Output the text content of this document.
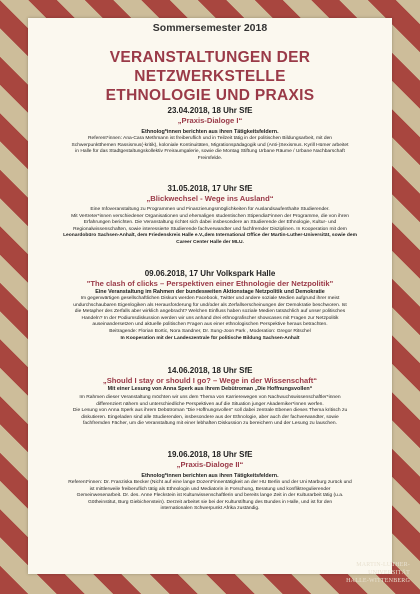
Sommersemester 2018
VERANSTALTUNGEN DER
NETZWERKSTELLE
ETHNOLOGIE UND PRAXIS
23.04.2018, 18 Uhr SfE
„Praxis-Dialoge I“
Ethnolog*innen berichten aus ihren Tätigkeitsfeldern.

Referent*innen: Ana-Cara Methmann ist freiberuflich und in Teilzeit tätig in der politischen Bildungsarbeit, mit den

Schwerpunktthemen Rassismus(-kritik), koloniale Kontinuitäten, Migrationspädagogik und (Anti-)Sexismus. Kyrill Hümer arbeitet

in Halle für das Stadtgestaltungskollektiv Freiraumgalerie, sowie die Montag Stiftung Urbane Räume / Urbane Nachbarschaft

Freimfelde.

31.05.2018, 17 Uhr SfE
„Blickwechsel - Wege ins Ausland“

Eine Infoveranstaltung zu Programmen und Finanzierungsmöglichkeiten für Auslandsaufenthalte Studierender.

Mit Vertreter*innen verschiedener Organisationen und ehemaligen studentischen Stipendiat*innen der Programme, die von ihren

Erfahrungen berichten. Die Veranstaltung richtet sich dabei insbesondere an Studierende der Ethnologie, Kultur- und

Regionalwissenschaften, sowie interessierte Studierende fachverwandter und fachfremder Disziplinen. In Kooperation mit dem

Leonardobüro Sachsen-Anhalt, dem Friedenskreis Halle e.V.,dem International Office der Martin-Luther-Universität, sowie dem

Career Center Halle der MLU.

09.06.2018, 17 Uhr Volkspark Halle
"The clash of clicks – Perspektiven einer Ethnologie der Netzpolitik"
Eine Veranstaltung im Rahmen der bundesweiten Aktionstage Netzpolitik und Demokratie

Im gegenwärtigen gesellschaftlichen Diskurs werden Facebook, Twitter und andere soziale Medien aufgrund ihrer meist

undurchschaubaren Eigenlogiken als Herausforderung für und/oder als Zerfallserscheinungen der Demokratie beschworen. Ist

die Metapher des Zerfalls aber wirklich angebracht? Welchen Einfluss haben soziale Medien tatsächlich auf unser politisches

Handeln? In der Podiumsdiskussion werden wir uns anhand drei ethnografischer showcases mit Fragen zur Netzpolitik

auseinandersetzen und aktuelle politischen Fragen aus einer ethnologischen Perspektive heraus betrachten.

Beitragende: Florian Bortic, Nora Sandner, Dr. Sung-Joon Park , Moderation: Gregor Ritschel

In Kooperation mit der Landeszentrale für politische Bildung Sachsen-Anhalt

14.06.2018, 18 Uhr SfE
„Should I stay or should I go? – Wege in der Wissenschaft“
Mit einer Lesung von Anna Sperk aus ihrem Debütroman „Die Hoffnungsvollen“

Im Rahmen dieser Veranstaltung möchten wir uns dem Thema von Karrierewegen von Nachwuchswissenschaftler*innen

differenziert nähern und unterschiedliche Perspektiven auf die Situation junger Akademiker*innen werfen.

Die Lesung von Anna Sperk aus ihrem Debütroman "Die Hoffnungsvollen" soll dabei zentrale Ebenen dieses Thema kritisch zu

diskutieren. Eingeladen sind alle Studierenden, insbesondere aus der Ethnologie, aber auch der fachverwandter, sowie

fachfremden Fächer, um die Veranstaltung mit einer lebhaften Diskussion zu bereichern und der Lesung zu lauschen.

19.06.2018, 18 Uhr SfE
„Praxis-Dialoge II“
Ethnolog*innen berichten aus ihren Tätigkeitsfeldern.

Referent*innen: Dr. Franziska Becker (Nicht auf eine lange Dozent*innentätigkeit an der HU Berlin und der Uni Marburg zurück und

ist mittlerweile freiberuflich tätig als Ethnologin und Mediatorin in Forschung, Beratung und konfliktregulierender

Gemeinwesenarbeit. Dr. des. Anne Fleckstein ist Kulturwissenschaftlerin und bereits lange Zeit in der Kulturarbeit tätig (u.a.

Götheinstitut, Burg Giebichenstein). Derzeit arbeitet sie bei der Kulturstiftung des Bundes in Halle, und ist für den

internationalen Schwerpunkt Afrika zuständig.

MARTIN-LUTHER-UNIVERSITÄT
HALLE-WITTENBERG
